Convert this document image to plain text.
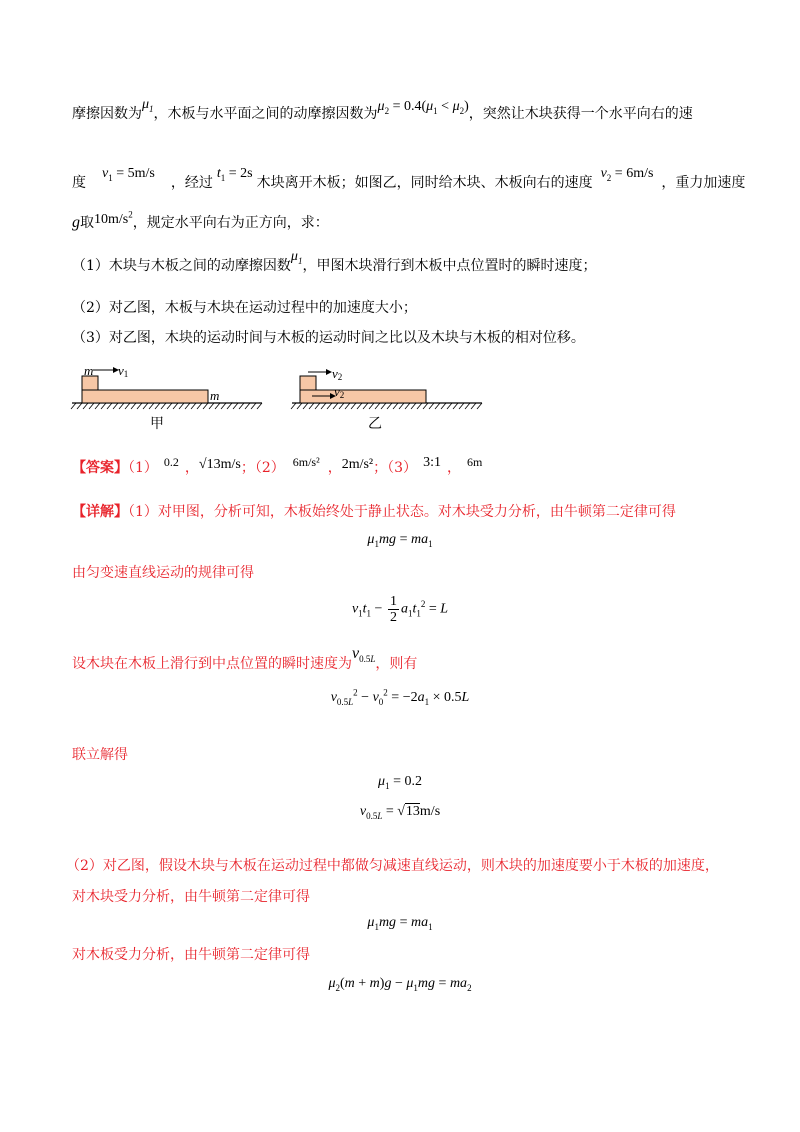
摩擦因数为$\mu_1$，木板与水平面之间的动摩擦因数为$\mu_2 = 0.4(\mu_1 < \mu_2)$，突然让木块获得一个水平向右的速
度$v_1 = 5m/s$，经过$t_1 = 2s$木块离开木板；如图乙，同时给木块、木板向右的速度$v_2 = 6m/s$，重力加速度
g取$10m/s^2$，规定水平向右为正方向，求：
（1）木块与木板之间的动摩擦因数$\mu_1$，甲图木块滑行到木板中点位置时的瞬时速度；
（2）对乙图，木板与木块在运动过程中的加速度大小；
（3）对乙图，木块的运动时间与木板的运动时间之比以及木块与木板的相对位移。
m v1
m
甲
v2
v2
乙
【答案】（1） 0.2 ，√13m/s；（2） 6m/s² ，2m/s²；（3） 3:1 ， 6m
【详解】（1）对甲图，分析可知，木板始终处于静止状态。对木块受力分析，由牛顿第二定律可得
$\mu_1mg = ma_1$
由匀变速直线运动的规律可得
$v_1t_1 - \frac{1}{2} a_1t_1^2 = L$
设木块在木板上滑行到中点位置的瞬时速度为$v_{0.5L}$，则有
$v_{0.5L}^2 - v_0^2 = -2a_1 \times 0.5L$
联立解得
$\mu_1 = 0.2$
$v_{0.5L} = √13m/s$
（2）对乙图，假设木块与木板在运动过程中都做匀减速直线运动，则木块的加速度要小于木板的加速度，
对木块受力分析，由牛顿第二定律可得
$\mu_1mg = ma_1$
对木板受力分析，由牛顿第二定律可得
$\mu_2(m + m)g - \mu_1mg = ma_2$
